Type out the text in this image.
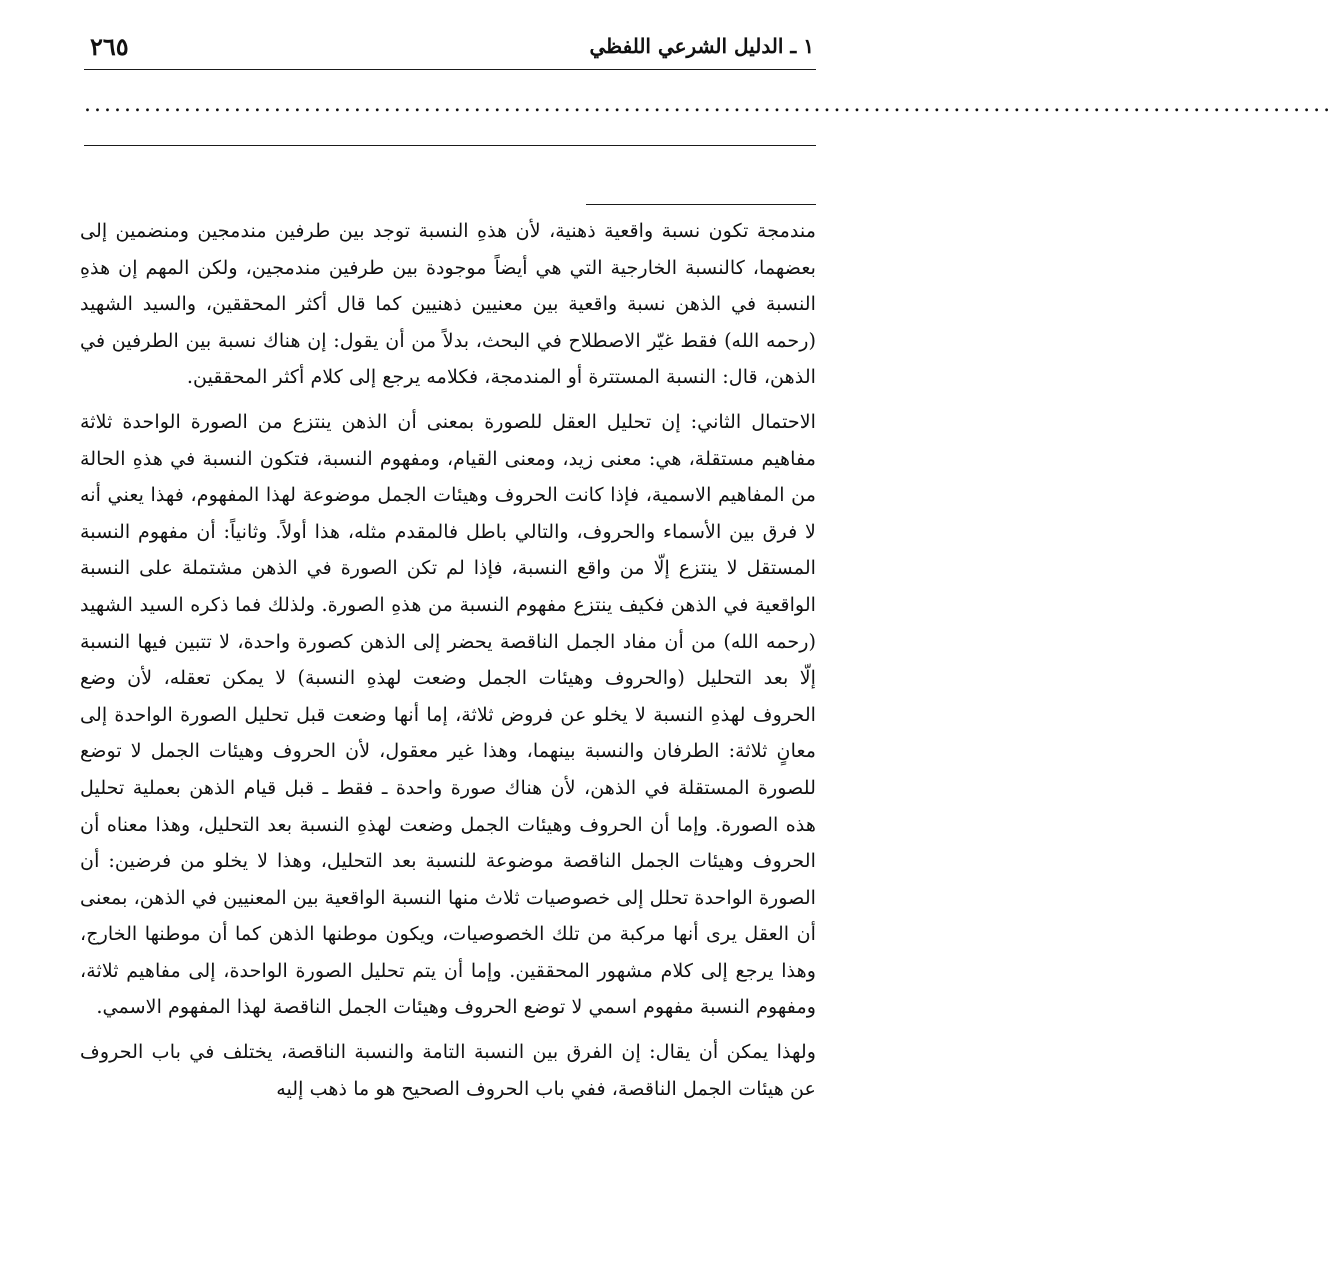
٢٦٥	١ ـ الدليل الشرعي اللفظي
.............................................................................................................................

مندمجة تكون نسبة واقعية ذهنية، لأن هذهِ النسبة توجد بين طرفين مندمجين ومنضمين إلى بعضهما، كالنسبة الخارجية التي هي أيضاً موجودة بين طرفين مندمجين، ولكن المهم إن هذهِ النسبة في الذهن نسبة واقعية بين معنيين ذهنيين كما قال أكثر المحققين، والسيد الشهيد (رحمه الله) فقط غيّر الاصطلاح في البحث، بدلاً من أن يقول: إن هناك نسبة بين الطرفين في الذهن، قال: النسبة المستترة أو المندمجة، فكلامه يرجع إلى كلام أكثر المحققين.

الاحتمال الثاني: إن تحليل العقل للصورة بمعنى أن الذهن ينتزع من الصورة الواحدة ثلاثة مفاهيم مستقلة، هي: معنى زيد، ومعنى القيام، ومفهوم النسبة، فتكون النسبة في هذهِ الحالة من المفاهيم الاسمية، فإذا كانت الحروف وهيئات الجمل موضوعة لهذا المفهوم، فهذا يعني أنه لا فرق بين الأسماء والحروف، والتالي باطل فالمقدم مثله، هذا أولاً. وثانياً: أن مفهوم النسبة المستقل لا ينتزع إلّا من واقع النسبة، فإذا لم تكن الصورة في الذهن مشتملة على النسبة الواقعية في الذهن فكيف ينتزع مفهوم النسبة من هذهِ الصورة. ولذلك فما ذكره السيد الشهيد (رحمه الله) من أن مفاد الجمل الناقصة يحضر إلى الذهن كصورة واحدة، لا تتبين فيها النسبة إلّا بعد التحليل (والحروف وهيئات الجمل وضعت لهذهِ النسبة) لا يمكن تعقله، لأن وضع الحروف لهذهِ النسبة لا يخلو عن فروض ثلاثة، إما أنها وضعت قبل تحليل الصورة الواحدة إلى معانٍ ثلاثة: الطرفان والنسبة بينهما، وهذا غير معقول، لأن الحروف وهيئات الجمل لا توضع للصورة المستقلة في الذهن، لأن هناك صورة واحدة ـ فقط ـ قبل قيام الذهن بعملية تحليل هذه الصورة. وإما أن الحروف وهيئات الجمل وضعت لهذهِ النسبة بعد التحليل، وهذا معناه أن الحروف وهيئات الجمل الناقصة موضوعة للنسبة بعد التحليل، وهذا لا يخلو من فرضين: أن الصورة الواحدة تحلل إلى خصوصيات ثلاث منها النسبة الواقعية بين المعنيين في الذهن، بمعنى أن العقل يرى أنها مركبة من تلك الخصوصيات، ويكون موطنها الذهن كما أن موطنها الخارج، وهذا يرجع إلى كلام مشهور المحققين. وإما أن يتم تحليل الصورة الواحدة، إلى مفاهيم ثلاثة، ومفهوم النسبة مفهوم اسمي لا توضع الحروف وهيئات الجمل الناقصة لهذا المفهوم الاسمي.

ولهذا يمكن أن يقال: إن الفرق بين النسبة التامة والنسبة الناقصة، يختلف في باب الحروف عن هيئات الجمل الناقصة، ففي باب الحروف الصحيح هو ما ذهب إليه
